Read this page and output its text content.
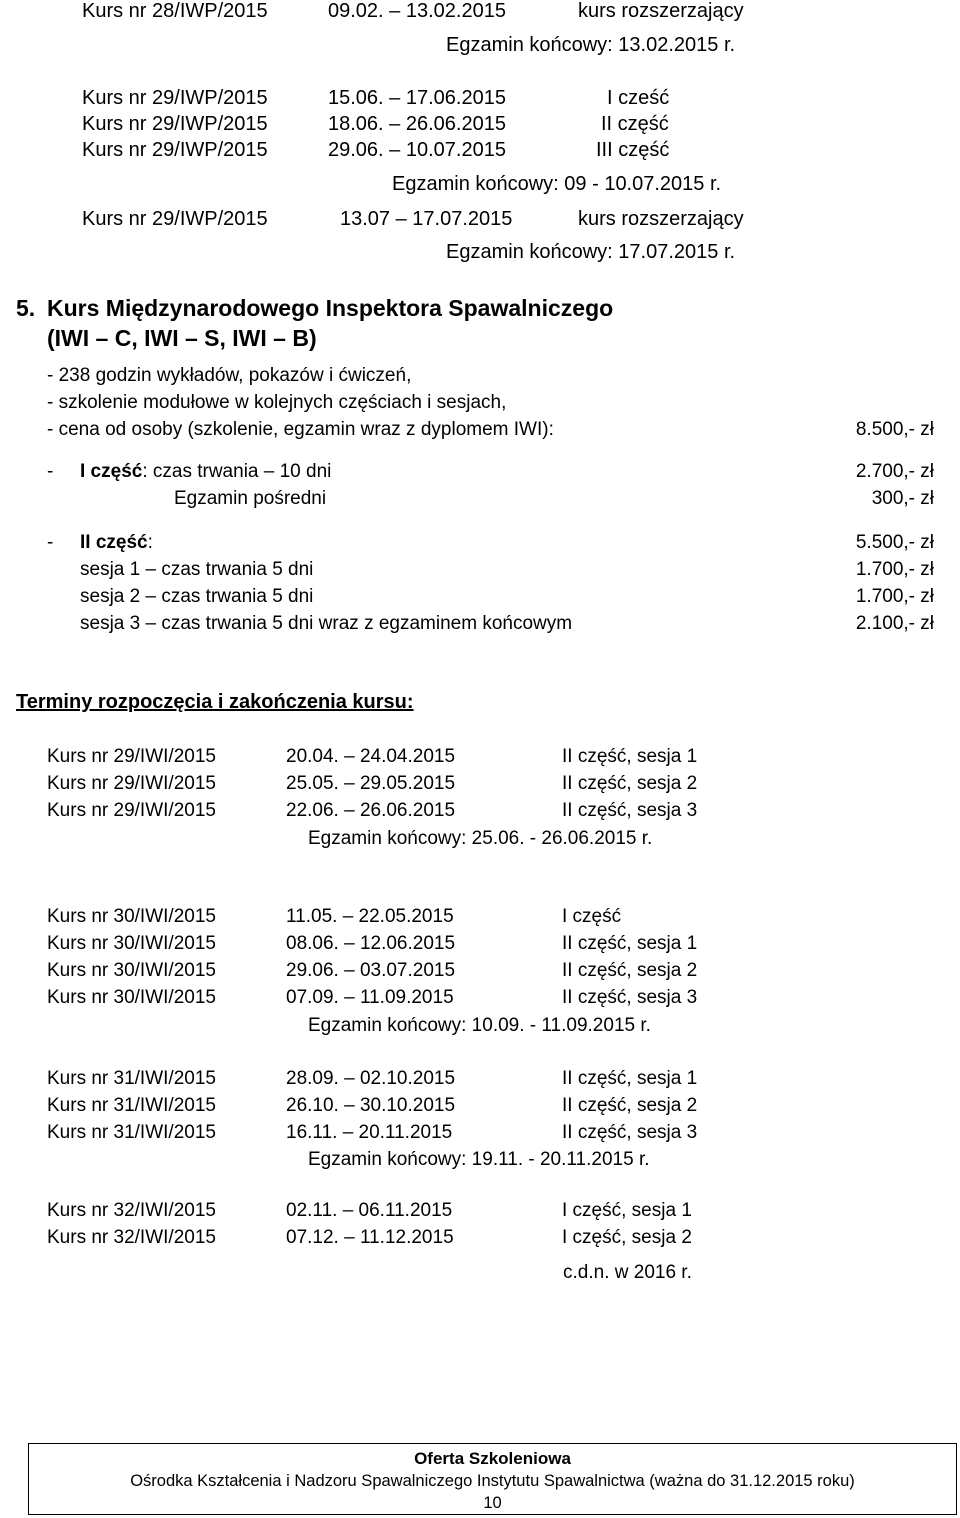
Kurs nr 28/IWP/2015	09.02. – 13.02.2015	kurs rozszerzający
Egzamin końcowy: 13.02.2015 r.
Kurs nr 29/IWP/2015	15.06. – 17.06.2015	I cześć
Kurs nr 29/IWP/2015	18.06. – 26.06.2015	II część
Kurs nr 29/IWP/2015	29.06. – 10.07.2015	III część
Egzamin końcowy: 09 - 10.07.2015 r.
Kurs nr 29/IWP/2015	13.07 – 17.07.2015	kurs rozszerzający
Egzamin końcowy: 17.07.2015 r.
5. Kurs Międzynarodowego Inspektora Spawalniczego
(IWI – C, IWI – S, IWI – B)
- 238 godzin wykładów, pokazów i ćwiczeń,
- szkolenie modułowe w kolejnych częściach i sesjach,
- cena od osoby (szkolenie, egzamin wraz z dyplomem IWI):	8.500,- zł
- I część: czas trwania – 10 dni	2.700,- zł
Egzamin pośredni	300,- zł
- II część:	5.500,- zł
sesja 1 – czas trwania 5 dni	1.700,- zł
sesja 2 – czas trwania 5 dni	1.700,- zł
sesja 3 – czas trwania 5 dni wraz z egzaminem końcowym	2.100,- zł
Terminy rozpoczęcia i zakończenia kursu:
Kurs nr 29/IWI/2015	20.04. – 24.04.2015	II część, sesja 1
Kurs nr 29/IWI/2015	25.05. – 29.05.2015	II część, sesja 2
Kurs nr 29/IWI/2015	22.06. – 26.06.2015	II część, sesja 3
Egzamin końcowy: 25.06. - 26.06.2015 r.
Kurs nr 30/IWI/2015	11.05. – 22.05.2015	I część
Kurs nr 30/IWI/2015	08.06. – 12.06.2015	II część, sesja 1
Kurs nr 30/IWI/2015	29.06. – 03.07.2015	II część, sesja 2
Kurs nr 30/IWI/2015	07.09. – 11.09.2015	II część, sesja 3
Egzamin końcowy: 10.09. - 11.09.2015 r.
Kurs nr 31/IWI/2015	28.09. – 02.10.2015	II część, sesja 1
Kurs nr 31/IWI/2015	26.10. – 30.10.2015	II część, sesja 2
Kurs nr 31/IWI/2015	16.11. – 20.11.2015	II część, sesja 3
Egzamin końcowy: 19.11. - 20.11.2015 r.
Kurs nr 32/IWI/2015	02.11. – 06.11.2015	I część, sesja 1
Kurs nr 32/IWI/2015	07.12. – 11.12.2015	I część, sesja 2
c.d.n. w 2016 r.
Oferta Szkoleniowa
Ośrodka Kształcenia i Nadzoru Spawalniczego Instytutu Spawalnictwa (ważna do 31.12.2015 roku)
10
